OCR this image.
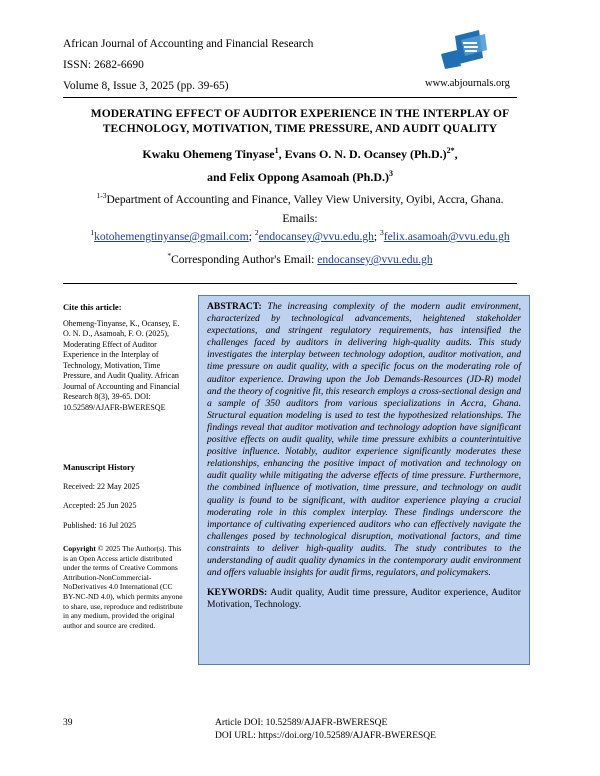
African Journal of Accounting and Financial Research
ISSN: 2682-6690
Volume 8, Issue 3, 2025 (pp. 39-65)	www.abjournals.org
MODERATING EFFECT OF AUDITOR EXPERIENCE IN THE INTERPLAY OF
TECHNOLOGY, MOTIVATION, TIME PRESSURE, AND AUDIT QUALITY
Kwaku Ohemeng Tinyase$^1$, Evans O. N. D. Ocansey $(Ph.D.)^{2*}$,
and Felix Oppong Asamoah $(Ph.D.)^3$
$^{1-3}$Department of Accounting and Finance, Valley View University, Oyibi, Accra, Ghana.
Emails:
$^1$kotohemengtinyanse@gmail.com; $^2$endocansey@vvu.edu.gh; $^3$felix.asamoah@vvu.edu.gh
*Corresponding Author's Email: endocansey@vvu.edu.gh
Cite this article:
Ohemeng-Tinyanse, K., Ocansey, E. O. N. D., Asamoah, F. O. (2025), Moderating Effect of Auditor Experience in the Interplay of Technology, Motivation, Time Pressure, and Audit Quality. African Journal of Accounting and Financial Research 8(3), 39-65. DOI: 10.52589/AJAFR-BWERESQE
Manuscript History
Received: 22 May 2025
Accepted: 25 Jun 2025
Published: 16 Jul 2025
Copyright © 2025 The Author(s). This is an Open Access article distributed under the terms of Creative Commons Attribution-NonCommercial-NoDerivatives 4.0 International (CC BY-NC-ND 4.0), which permits anyone to share, use, reproduce and redistribute in any medium, provided the original author and source are credited.
ABSTRACT: The increasing complexity of the modern audit environment, characterized by technological advancements, heightened stakeholder expectations, and stringent regulatory requirements, has intensified the challenges faced by auditors in delivering high-quality audits. This study investigates the interplay between technology adoption, auditor motivation, and time pressure on audit quality, with a specific focus on the moderating role of auditor experience. Drawing upon the Job Demands-Resources (JD-R) model and the theory of cognitive fit, this research employs a cross-sectional design and a sample of 350 auditors from various specializations in Accra, Ghana. Structural equation modeling is used to test the hypothesized relationships. The findings reveal that auditor motivation and technology adoption have significant positive effects on audit quality, while time pressure exhibits a counterintuitive positive influence. Notably, auditor experience significantly moderates these relationships, enhancing the positive impact of motivation and technology on audit quality while mitigating the adverse effects of time pressure. Furthermore, the combined influence of motivation, time pressure, and technology on audit quality is found to be significant, with auditor experience playing a crucial moderating role in this complex interplay. These findings underscore the importance of cultivating experienced auditors who can effectively navigate the challenges posed by technological disruption, motivational factors, and time constraints to deliver high-quality audits. The study contributes to the understanding of audit quality dynamics in the contemporary audit environment and offers valuable insights for audit firms, regulators, and policymakers.
KEYWORDS: Audit quality, Audit time pressure, Auditor experience, Auditor Motivation, Technology.
39	Article DOI: 10.52589/AJAFR-BWERESQE
DOI URL: https://doi.org/10.52589/AJAFR-BWERESQE
